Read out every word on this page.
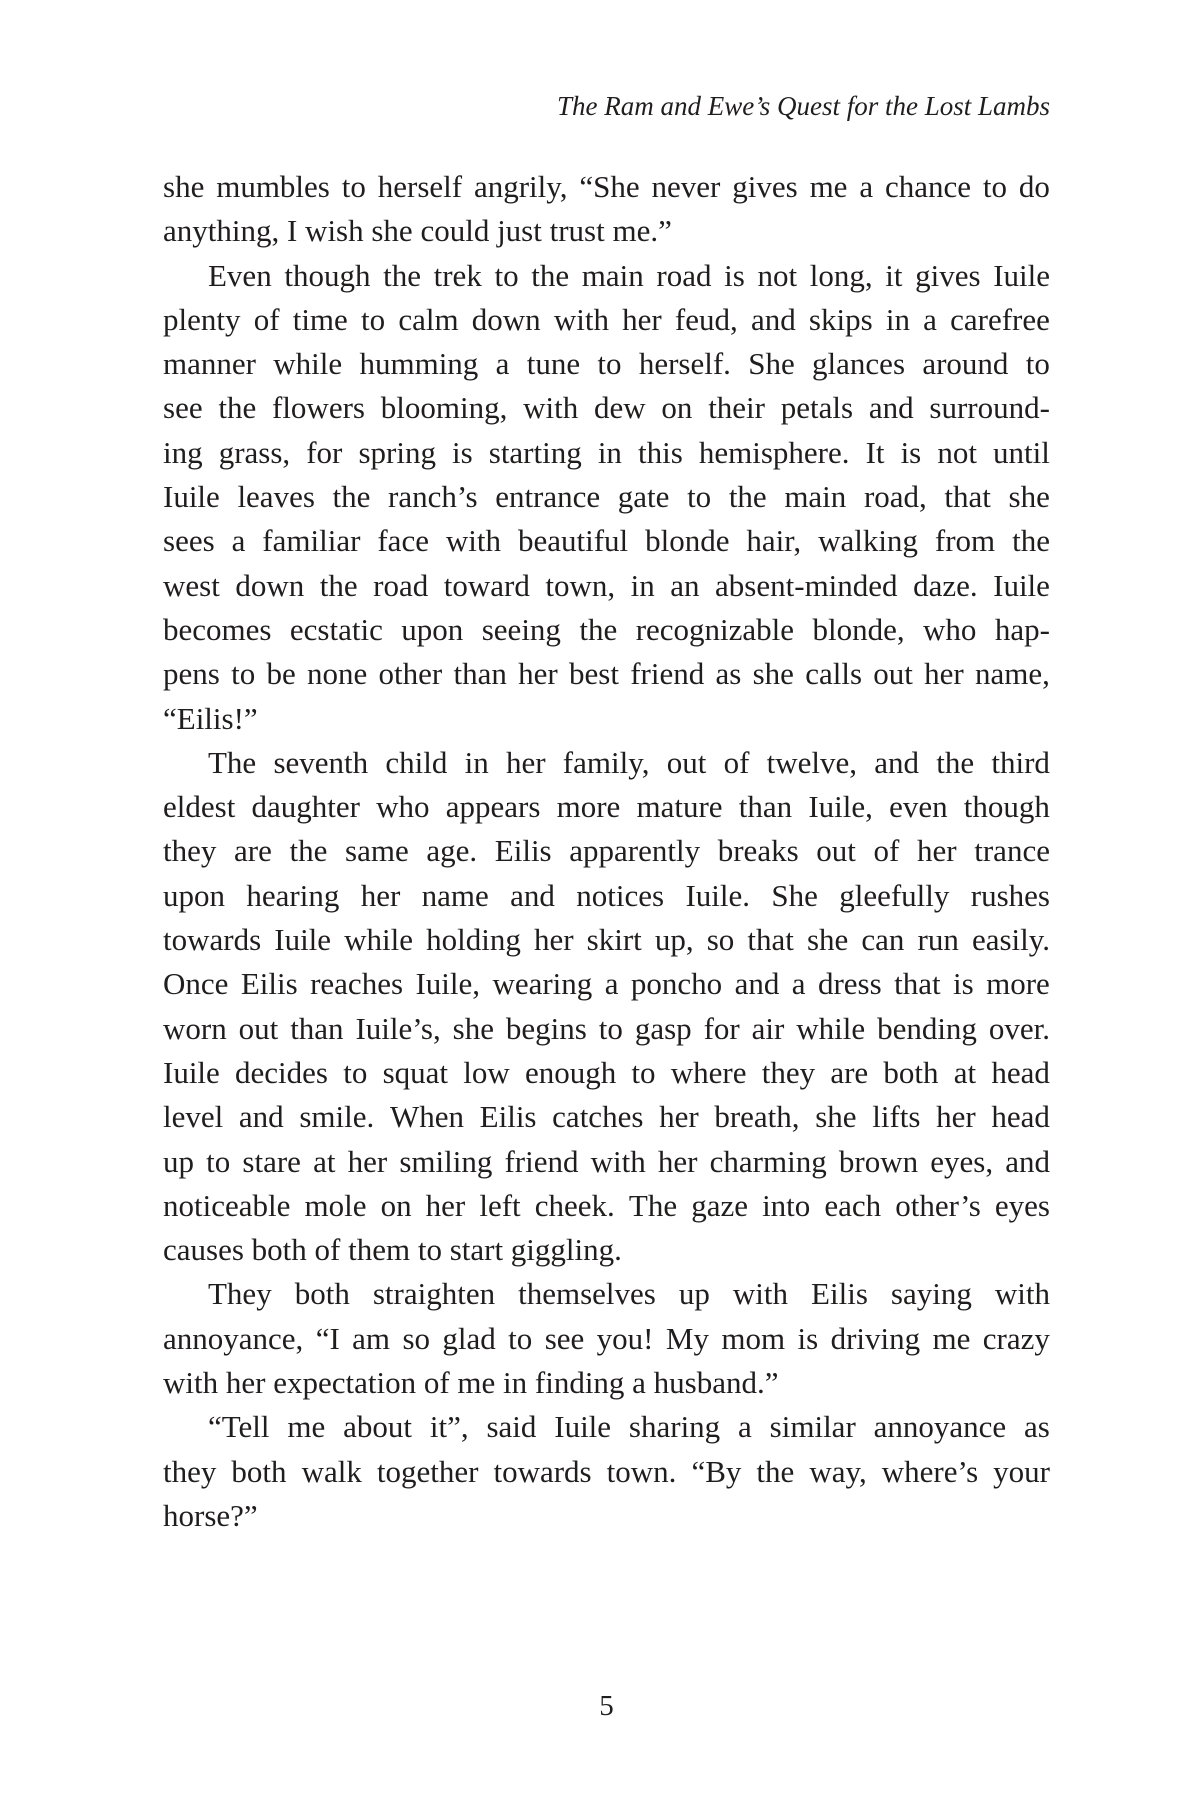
The Ram and Ewe’s Quest for the Lost Lambs
she mumbles to herself angrily, “She never gives me a chance to do
anything, I wish she could just trust me.”
Even though the trek to the main road is not long, it gives Iuile
plenty of time to calm down with her feud, and skips in a carefree
manner while humming a tune to herself. She glances around to
see the flowers blooming, with dew on their petals and surround-
ing grass, for spring is starting in this hemisphere. It is not until
Iuile leaves the ranch’s entrance gate to the main road, that she
sees a familiar face with beautiful blonde hair, walking from the
west down the road toward town, in an absent-minded daze. Iuile
becomes ecstatic upon seeing the recognizable blonde, who hap-
pens to be none other than her best friend as she calls out her name,
“Eilis!”
The seventh child in her family, out of twelve, and the third
eldest daughter who appears more mature than Iuile, even though
they are the same age. Eilis apparently breaks out of her trance
upon hearing her name and notices Iuile. She gleefully rushes
towards Iuile while holding her skirt up, so that she can run easily.
Once Eilis reaches Iuile, wearing a poncho and a dress that is more
worn out than Iuile’s, she begins to gasp for air while bending over.
Iuile decides to squat low enough to where they are both at head
level and smile. When Eilis catches her breath, she lifts her head
up to stare at her smiling friend with her charming brown eyes, and
noticeable mole on her left cheek. The gaze into each other’s eyes
causes both of them to start giggling.
They both straighten themselves up with Eilis saying with
annoyance, “I am so glad to see you! My mom is driving me crazy
with her expectation of me in finding a husband.”
“Tell me about it”, said Iuile sharing a similar annoyance as
they both walk together towards town. “By the way, where’s your
horse?”
5
